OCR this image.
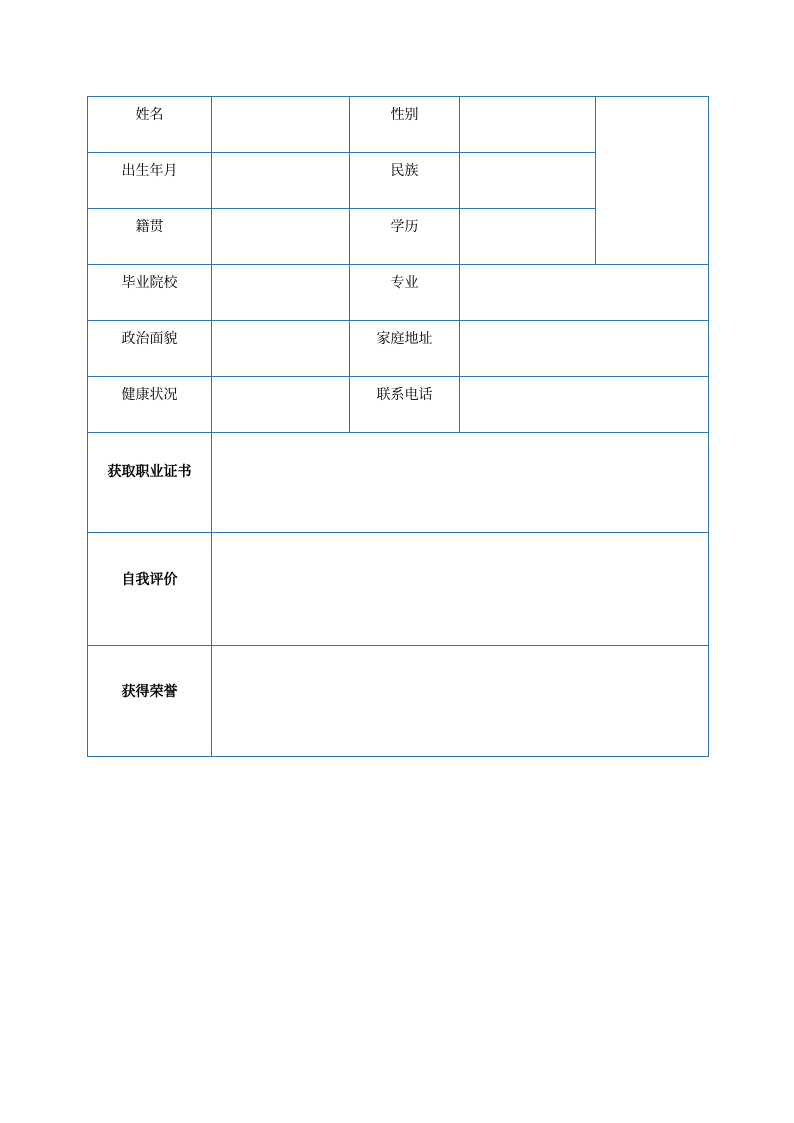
姓名		性别		
出生年月		民族		
籍贯		学历		
毕业院校		专业		
政治面貌		家庭地址		
健康状况		联系电话		
获取职业证书				
自我评价				
获得荣誉				
